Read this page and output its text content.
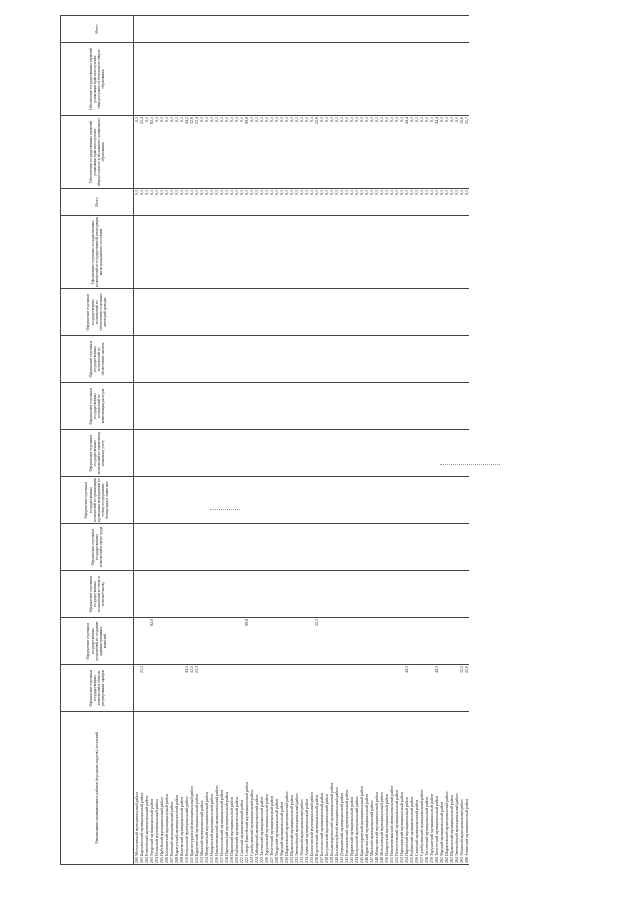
Наименование муниципальных районов (городских округов), поселений	Оформление отдельных государственных полномочий в области регулирования тарифов	Оформление отдельных государственных полномочий по созданию административных комиссий	Оформление отдельных государственных полномочий по опеке и попечительству	Оформление отдельных государственных полномочий в сфере труда	Оформление отдельных государственных полномочий по организации проведения мероприятий по отлову и содержанию безнадзорных животных	Оформление отдельных государственных полномочий по первичному воинскому учету	Оформление отдельных государственных полномочий по компенсации расходов	Оформление отдельных государственных полномочий по обеспечению жильем	Оформление отдельных государственных полномочий по обеспечению отдельных категорий граждан	Оформление отдельных государственных полномочий по государственной регистрации актов гражданского состояния	Итого	Обеспечение государственных гарантий реализации прав на получение общедоступного и бесплатного дошкольного образования	Обеспечение государственных гарантий реализации прав на получение общедоступного и бесплатного общего образования	Итого	
200 Мотыгинский муниципальный район											0,1	0,1			
201 Бирилюсский муниципальный район	21,3										0,1	21,4			
202 Енисейский муниципальный район											0,1	0,1			
203 Ужурский муниципальный район		82,0									0,1	82,1			
204 Иланский муниципальный район											0,1	0,1			
205 Ирбейский муниципальный район											0,1	0,1			
206 Казачинский муниципальный район											0,1	0,1			
207 Канский муниципальный район											0,1	0,1			
208 Каратузский муниципальный район											0,1	0,1			
209 Кежемский муниципальный район											0,1	0,1			
210 Козульский муниципальный район	44,1										0,1	44,2			
211 Краснотуранский муниципальный район	12,5										0,1	12,6			
212 Курагинский муниципальный район	23,3										0,1	23,4			
213 Манский муниципальный район											0,1	0,1			
214 Минусинский муниципальный район											0,1	0,1			
215 Назаровский муниципальный район											0,1	0,1			
216 Нижнеингашский муниципальный район											0,1	0,1			
217 Новоселовский муниципальный район											0,1	0,1			
218 Партизанский муниципальный район											0,1	0,1			
219 Пировский муниципальный район											0,1	0,1			
220 Рыбинский муниципальный район											0,1	0,1			
221 Саянский муниципальный район											0,1	0,1			
222 Северо-Енисейский муниципальный район		99,8									0,1	99,9			
223 Сухобузимский муниципальный район											0,1	0,1			
224 Таймырский муниципальный район											0,1	0,1			
225 Тасеевский муниципальный район											0,1	0,1			
226 Туруханский муниципальный район											0,1	0,1			
227 Тюхтетский муниципальный район											0,1	0,1			
228 Ужурский муниципальный район											0,1	0,1			
229 Уярский муниципальный район											0,1	0,1			
230 Шарыповский муниципальный район											0,1	0,1			
231 Шушенский муниципальный район											0,1	0,1			
232 Эвенкийский муниципальный район											0,1	0,1			
233 Абанский муниципальный район											0,1	0,1			
234 Ачинский муниципальный район											0,1	0,1			
235 Балахтинский муниципальный район											0,1	0,1			
236 Березовский муниципальный район		22,5									0,1	22,6			
237 Боготольский муниципальный район											0,1	0,1			
238 Богучанский муниципальный район											0,1	0,1			
239 Большемуртинский муниципальный район											0,1	0,1			
240 Большеулуйский муниципальный район											0,1	0,1			
241 Дзержинский муниципальный район											0,1	0,1			
242 Емельяновский муниципальный район											0,1	0,1			
243 Идринский муниципальный район											0,1	0,1			
244 Козульский муниципальный район											0,1	0,1			
245 Краснотуранский муниципальный район											0,1	0,1			
246 Курагинский муниципальный район											0,1	0,1			
247 Манский муниципальный район											0,1	0,1			
248 Минусинский муниципальный район											0,1	0,1			
249 Мотыгинский муниципальный район											0,1	0,1			
250 Назаровский муниципальный район											0,1	0,1			
251 Нижнеингашский муниципальный район											0,1	0,1			
252 Новоселовский муниципальный район											0,1	0,1			
253 Партизанский муниципальный район											0,1	0,1			
254 Пировский муниципальный район	44,3										0,1	44,4			
255 Рыбинский муниципальный район											0,1	0,1			
256 Саянский муниципальный район											0,1	0,1			
257 Сухобузимский муниципальный район											0,1	0,1			
258 Тасеевский муниципальный район											0,1	0,1			
259 Туруханский муниципальный район											0,1	0,1			
260 Тюхтетский муниципальный район	44,3										0,1	44,4			
261 Уярский муниципальный район											0,1	0,1			
262 Шарыповский муниципальный район											0,1	0,1			
263 Шушенский муниципальный район											0,1	0,1			
264 Эвенкийский муниципальный район											0,1	0,1			
265 Абанский муниципальный район	12,5										0,1	12,6			
266 Ачинский муниципальный район	21,6										0,1	21,7			
